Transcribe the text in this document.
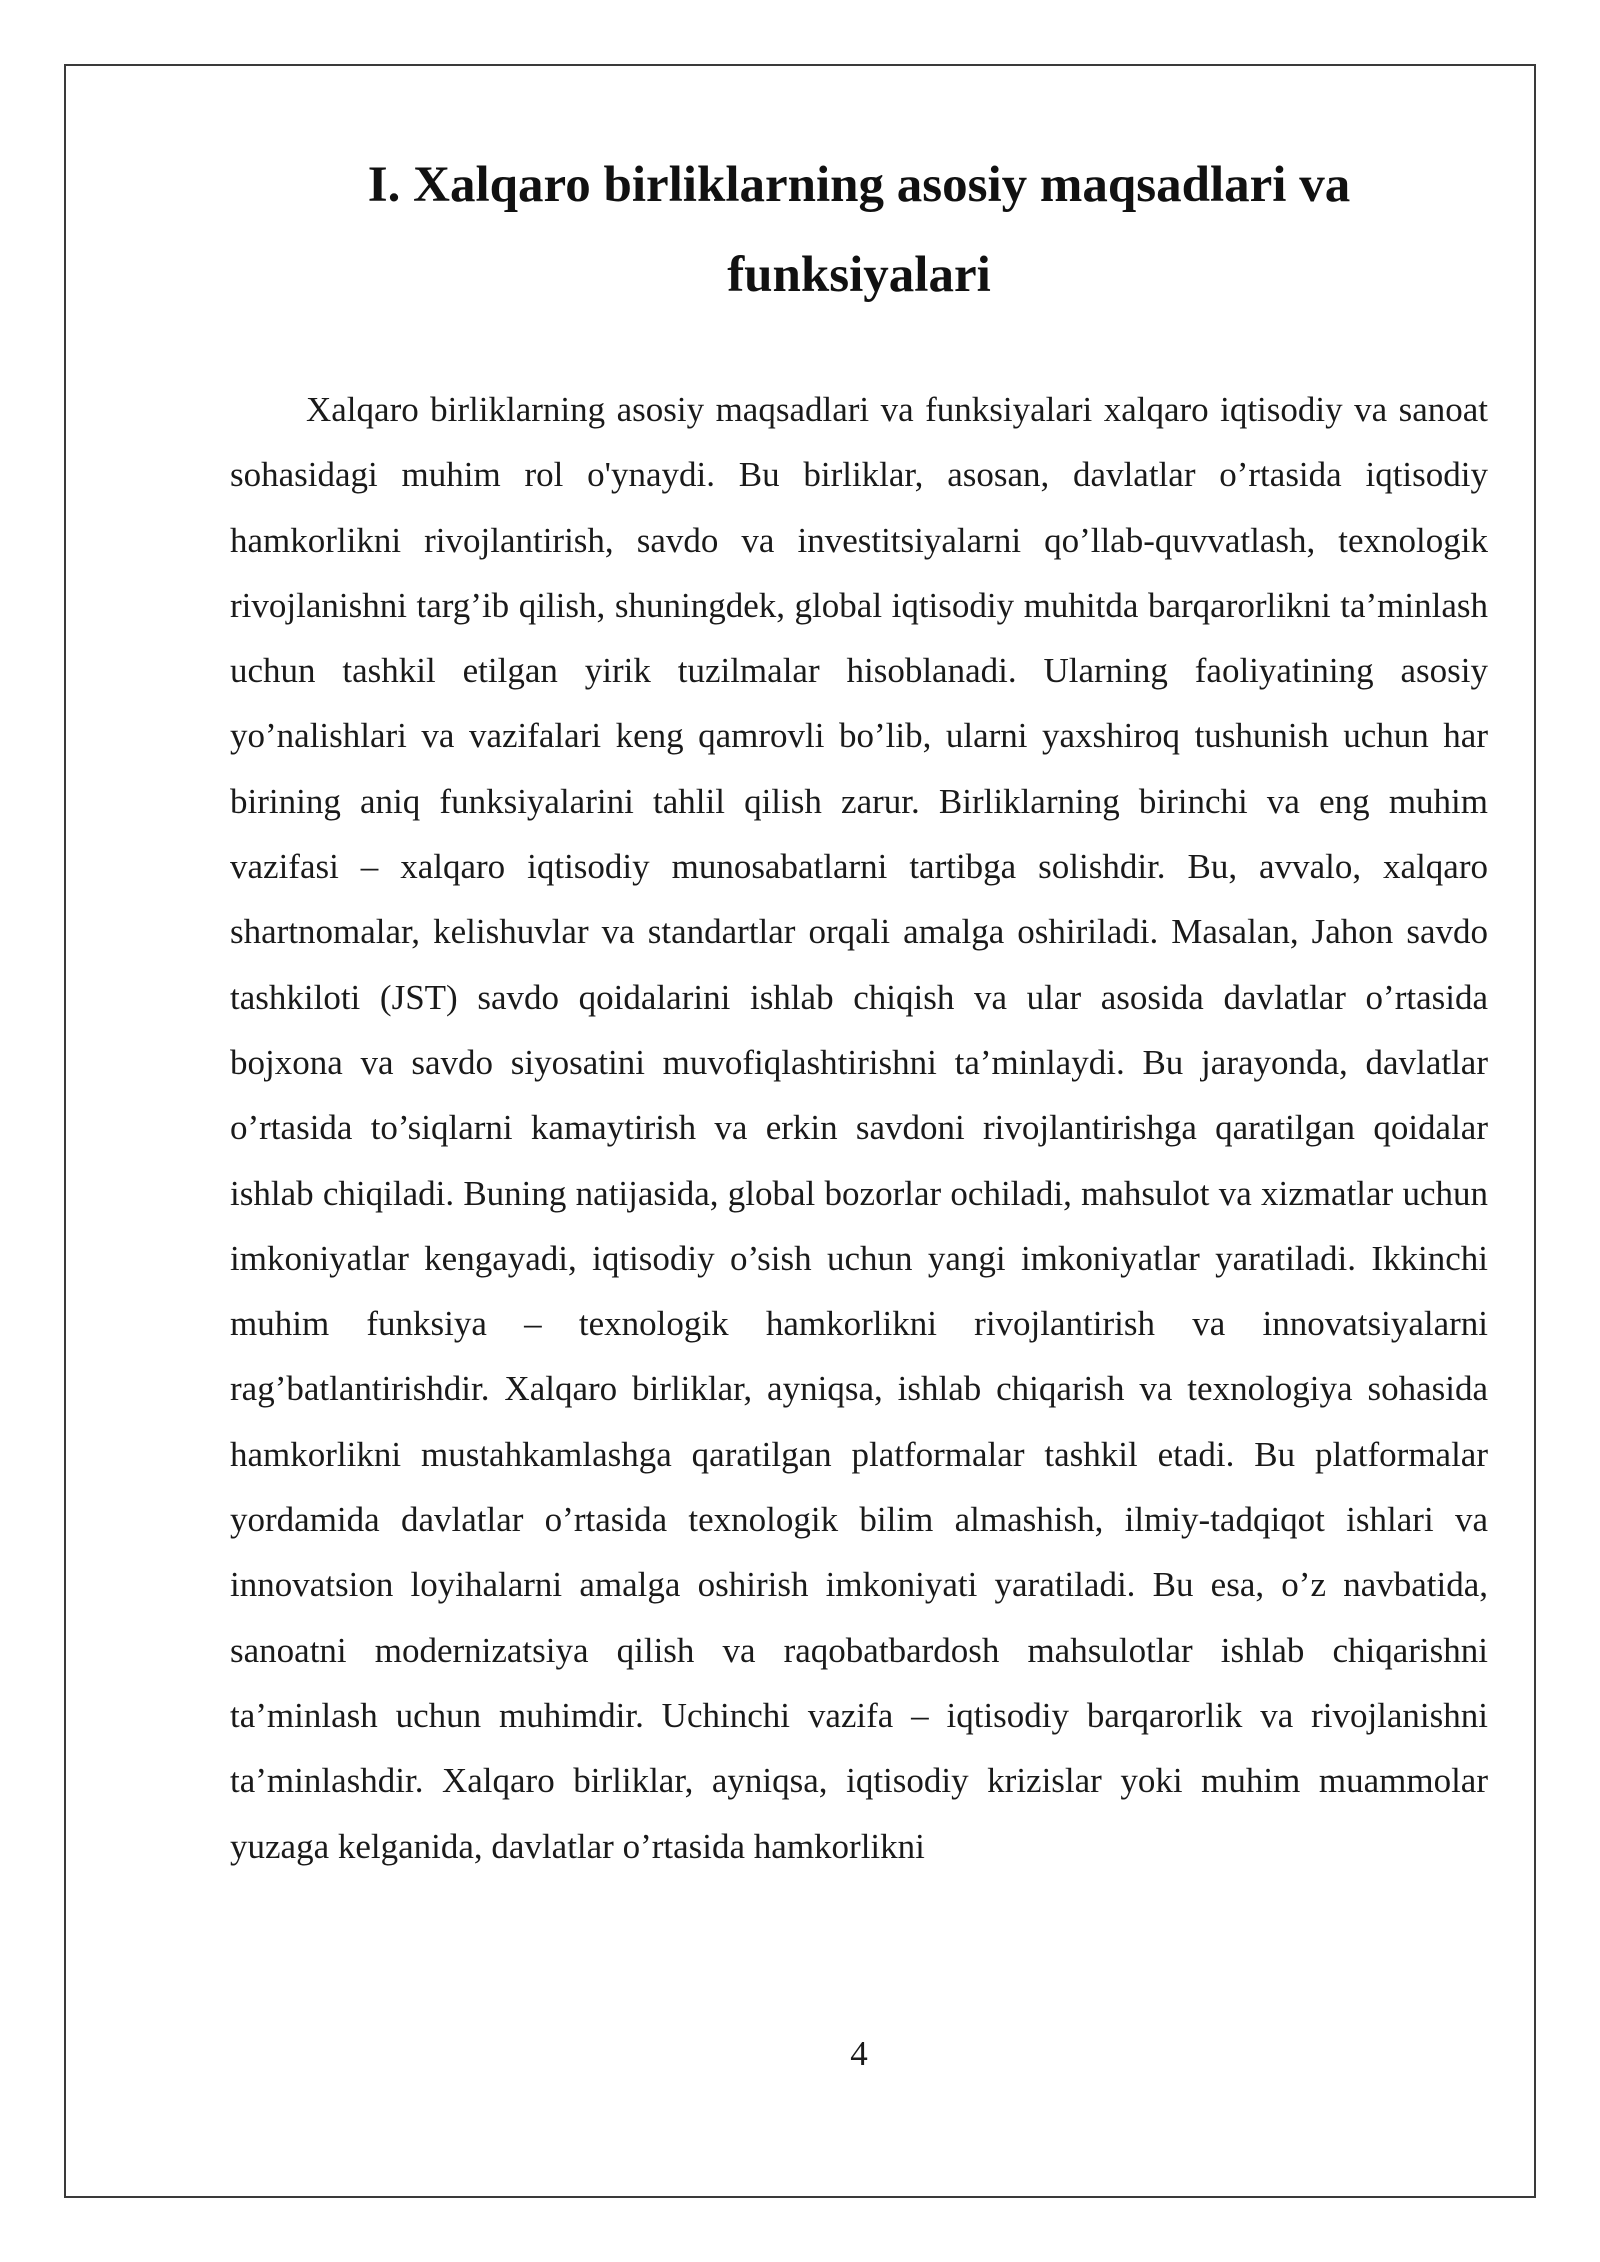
I. Xalqaro birliklarning asosiy maqsadlari va funksiyalari

Xalqaro birliklarning asosiy maqsadlari va funksiyalari xalqaro iqtisodiy va sanoat sohasidagi muhim rol o'ynaydi. Bu birliklar, asosan, davlatlar o’rtasida iqtisodiy hamkorlikni rivojlantirish, savdo va investitsiyalarni qo’llab-quvvatlash, texnologik rivojlanishni targ’ib qilish, shuningdek, global iqtisodiy muhitda barqarorlikni ta’minlash uchun tashkil etilgan yirik tuzilmalar hisoblanadi. Ularning faoliyatining asosiy yo’nalishlari va vazifalari keng qamrovli bo’lib, ularni yaxshiroq tushunish uchun har birining aniq funksiyalarini tahlil qilish zarur. Birliklarning birinchi va eng muhim vazifasi – xalqaro iqtisodiy munosabatlarni tartibga solishdir. Bu, avvalo, xalqaro shartnomalar, kelishuvlar va standartlar orqali amalga oshiriladi. Masalan, Jahon savdo tashkiloti (JST) savdo qoidalarini ishlab chiqish va ular asosida davlatlar o’rtasida bojxona va savdo siyosatini muvofiqlashtirishni ta’minlaydi. Bu jarayonda, davlatlar o’rtasida to’siqlarni kamaytirish va erkin savdoni rivojlantirishga qaratilgan qoidalar ishlab chiqiladi. Buning natijasida, global bozorlar ochiladi, mahsulot va xizmatlar uchun imkoniyatlar kengayadi, iqtisodiy o’sish uchun yangi imkoniyatlar yaratiladi. Ikkinchi muhim funksiya – texnologik hamkorlikni rivojlantirish va innovatsiyalarni rag’batlantirishdir. Xalqaro birliklar, ayniqsa, ishlab chiqarish va texnologiya sohasida hamkorlikni mustahkamlashga qaratilgan platformalar tashkil etadi. Bu platformalar yordamida davlatlar o’rtasida texnologik bilim almashish, ilmiy-tadqiqot ishlari va innovatsion loyihalarni amalga oshirish imkoniyati yaratiladi. Bu esa, o’z navbatida, sanoatni modernizatsiya qilish va raqobatbardosh mahsulotlar ishlab chiqarishni ta’minlash uchun muhimdir. Uchinchi vazifa – iqtisodiy barqarorlik va rivojlanishni ta’minlashdir. Xalqaro birliklar, ayniqsa, iqtisodiy krizislar yoki muhim muammolar yuzaga kelganida, davlatlar o’rtasida hamkorlikni

4
